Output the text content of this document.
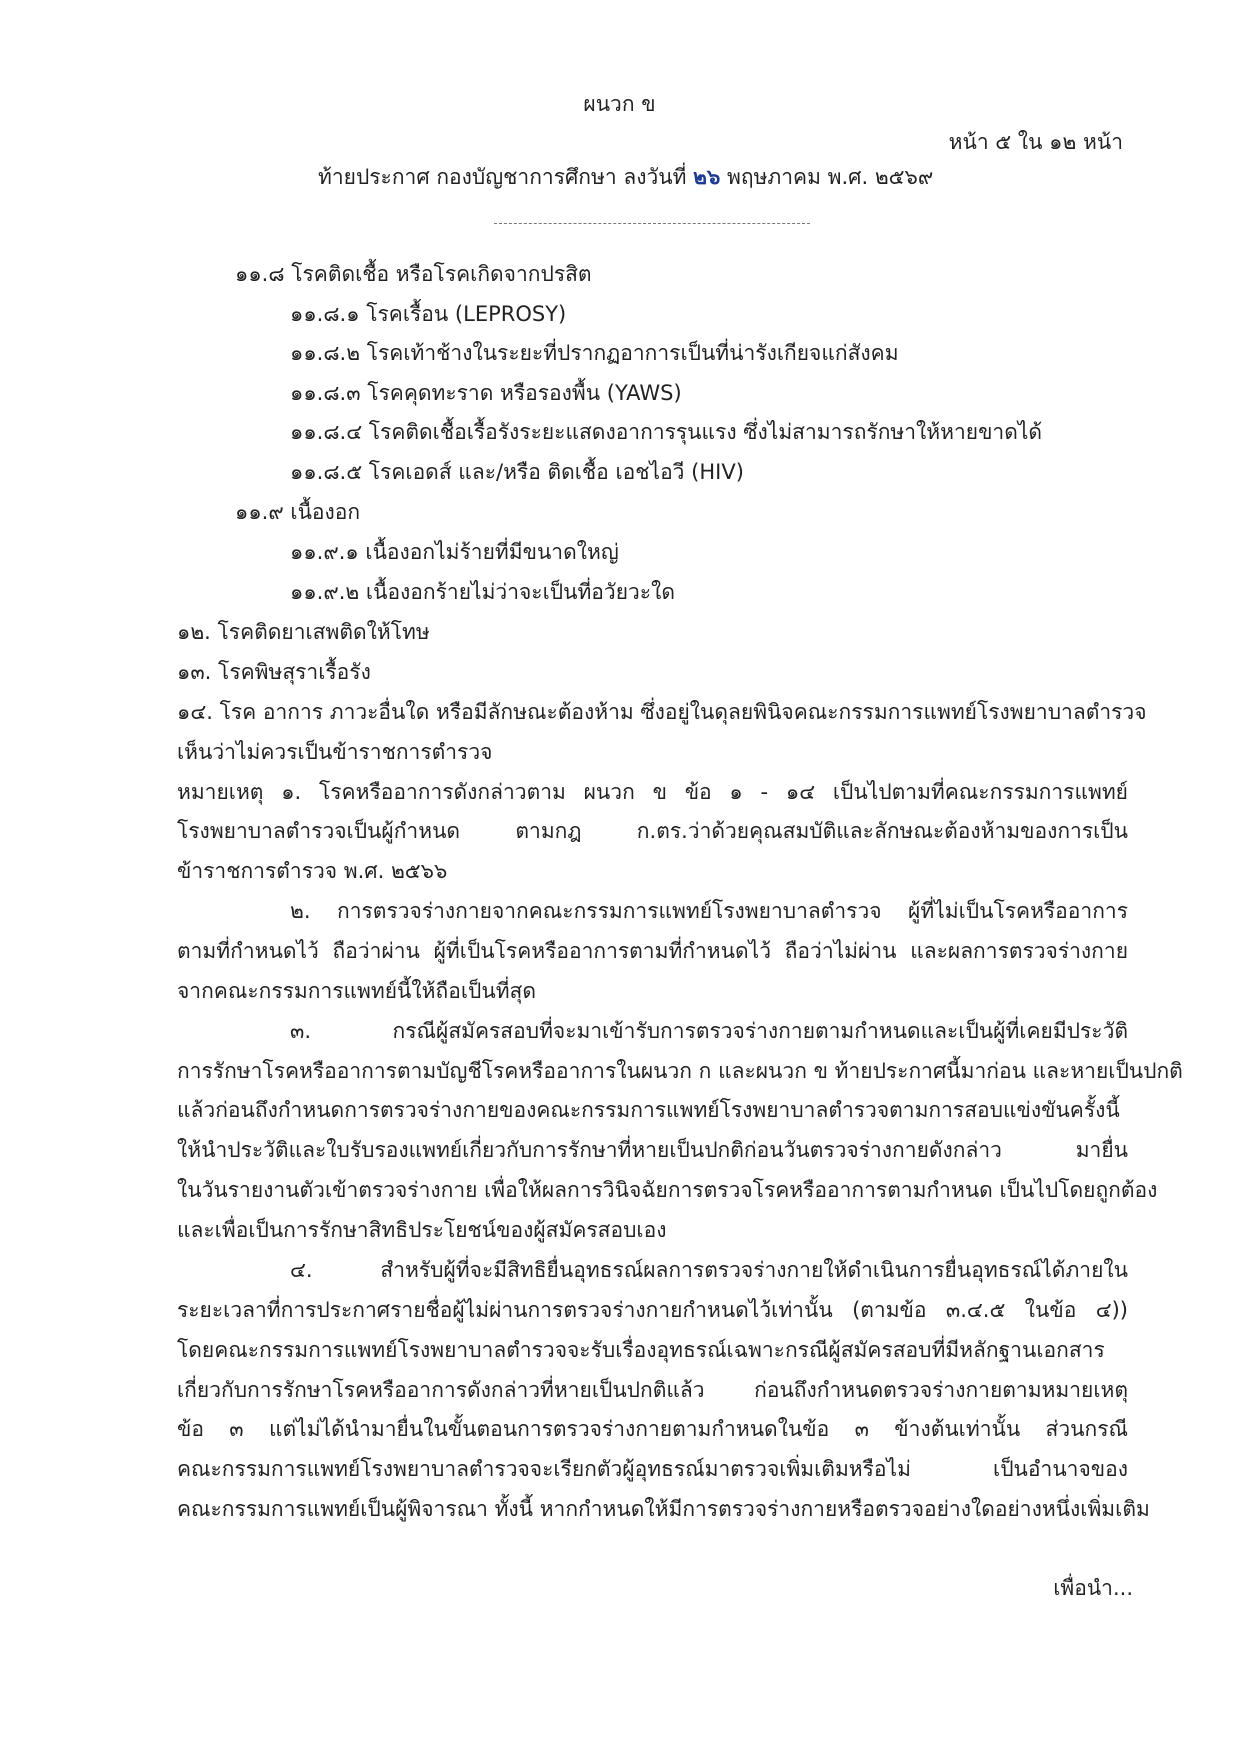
ผนวก ข
หน้า ๕ ใน ๑๒ หน้า
ท้ายประกาศ กองบัญชาการศึกษา ลงวันที่ ๒๖ พฤษภาคม พ.ศ. ๒๕๖๙
๑๑.๘ โรคติดเชื้อ หรือโรคเกิดจากปรสิต
๑๑.๘.๑ โรคเรื้อน (LEPROSY)
๑๑.๘.๒ โรคเท้าช้างในระยะที่ปรากฏอาการเป็นที่น่ารังเกียจแก่สังคม
๑๑.๘.๓ โรคคุดทะราด หรือรองพื้น (YAWS)
๑๑.๘.๔ โรคติดเชื้อเรื้อรังระยะแสดงอาการรุนแรง ซึ่งไม่สามารถรักษาให้หายขาดได้
๑๑.๘.๕ โรคเอดส์ และ/หรือ ติดเชื้อ เอชไอวี (HIV)
๑๑.๙ เนื้องอก
๑๑.๙.๑ เนื้องอกไม่ร้ายที่มีขนาดใหญ่
๑๑.๙.๒ เนื้องอกร้ายไม่ว่าจะเป็นที่อวัยวะใด
๑๒. โรคติดยาเสพติดให้โทษ
๑๓. โรคพิษสุราเรื้อรัง
๑๔. โรค อาการ ภาวะอื่นใด หรือมีลักษณะต้องห้าม ซึ่งอยู่ในดุลยพินิจคณะกรรมการแพทย์โรงพยาบาลตำรวจ
เห็นว่าไม่ควรเป็นข้าราชการตำรวจ
หมายเหตุ ๑. โรคหรืออาการดังกล่าวตาม ผนวก ข ข้อ ๑ - ๑๔ เป็นไปตามที่คณะกรรมการแพทย์
โรงพยาบาลตำรวจเป็นผู้กำหนด ตามกฎ ก.ตร.ว่าด้วยคุณสมบัติและลักษณะต้องห้ามของการเป็น
ข้าราชการตำรวจ พ.ศ. ๒๕๖๖
๒. การตรวจร่างกายจากคณะกรรมการแพทย์โรงพยาบาลตำรวจ ผู้ที่ไม่เป็นโรคหรืออาการ
ตามที่กำหนดไว้ ถือว่าผ่าน ผู้ที่เป็นโรคหรืออาการตามที่กำหนดไว้ ถือว่าไม่ผ่าน และผลการตรวจร่างกาย
จากคณะกรรมการแพทย์นี้ให้ถือเป็นที่สุด
๓. กรณีผู้สมัครสอบที่จะมาเข้ารับการตรวจร่างกายตามกำหนดและเป็นผู้ที่เคยมีประวัติ
การรักษาโรคหรืออาการตามบัญชีโรคหรืออาการในผนวก ก และผนวก ข ท้ายประกาศนี้มาก่อน และหายเป็นปกติ
แล้วก่อนถึงกำหนดการตรวจร่างกายของคณะกรรมการแพทย์โรงพยาบาลตำรวจตามการสอบแข่งขันครั้งนี้
ให้นำประวัติและใบรับรองแพทย์เกี่ยวกับการรักษาที่หายเป็นปกติก่อนวันตรวจร่างกายดังกล่าว มายื่น
ในวันรายงานตัวเข้าตรวจร่างกาย เพื่อให้ผลการวินิจฉัยการตรวจโรคหรืออาการตามกำหนด เป็นไปโดยถูกต้อง
และเพื่อเป็นการรักษาสิทธิประโยชน์ของผู้สมัครสอบเอง
๔. สำหรับผู้ที่จะมีสิทธิยื่นอุทธรณ์ผลการตรวจร่างกายให้ดำเนินการยื่นอุทธรณ์ได้ภายใน
ระยะเวลาที่การประกาศรายชื่อผู้ไม่ผ่านการตรวจร่างกายกำหนดไว้เท่านั้น (ตามข้อ ๓.๔.๕ ในข้อ ๔))
โดยคณะกรรมการแพทย์โรงพยาบาลตำรวจจะรับเรื่องอุทธรณ์เฉพาะกรณีผู้สมัครสอบที่มีหลักฐานเอกสาร
เกี่ยวกับการรักษาโรคหรืออาการดังกล่าวที่หายเป็นปกติแล้ว ก่อนถึงกำหนดตรวจร่างกายตามหมายเหตุ
ข้อ ๓ แต่ไม่ได้นำมายื่นในขั้นตอนการตรวจร่างกายตามกำหนดในข้อ ๓ ข้างต้นเท่านั้น ส่วนกรณี
คณะกรรมการแพทย์โรงพยาบาลตำรวจจะเรียกตัวผู้อุทธรณ์มาตรวจเพิ่มเติมหรือไม่ เป็นอำนาจของ
คณะกรรมการแพทย์เป็นผู้พิจารณา ทั้งนี้ หากกำหนดให้มีการตรวจร่างกายหรือตรวจอย่างใดอย่างหนึ่งเพิ่มเติม
เพื่อนำ...
